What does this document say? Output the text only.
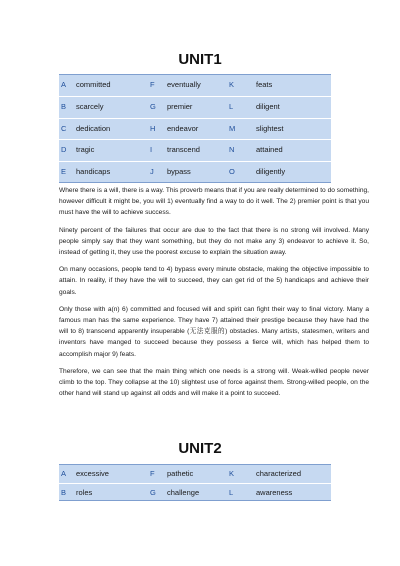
UNIT1
A committed	F eventually	K	feats
B scarcely	G premier	L	diligent
C dedication	H endeavor	M	slightest
D tragic	I transcend	N	attained
E handicaps	J bypass	O	diligently

Where there is a will, there is a way. This proverb means that if you are really determined to do something, however difficult it might be, you will 1) eventually find a way to do it well. The 2) premier point is that you must have the will to achieve success.

Ninety percent of the failures that occur are due to the fact that there is no strong will involved. Many people simply say that they want something, but they do not make any 3) endeavor to achieve it. So, instead of getting it, they use the poorest excuse to explain the situation away.

On many occasions, people tend to 4) bypass every minute obstacle, making the objective impossible to attain. In reality, if they have the will to succeed, they can get rid of the 5) handicaps and achieve their goals.

Only those with a(n) 6) committed and focused will and spirit can fight their way to final victory. Many a famous man has the same experience. They have 7) attained their prestige because they have had the will to 8) transcend apparently insuperable (无法克服的) obstacles. Many artists, statesmen, writers and inventors have manged to succeed because they possess a fierce will, which has helped them to accomplish major 9) feats.

Therefore, we can see that the main thing which one needs is a strong will. Weak-willed people never climb to the top. They collapse at the 10) slightest use of force against them. Strong-willed people, on the other hand will stand up against all odds and will make it a point to succeed.

UNIT2
A excessive	F pathetic	K	characterized
B roles	G challenge	L	awareness
